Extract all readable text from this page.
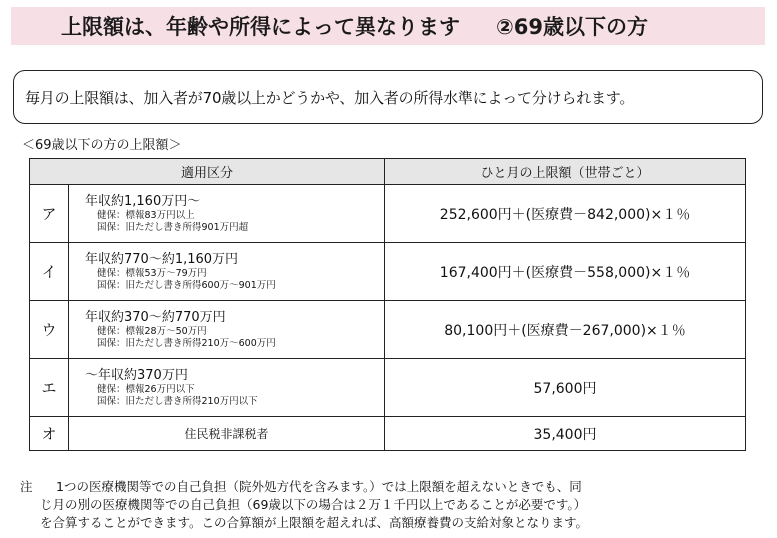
上限額は、年齢や所得によって異なります ②69歳以下の方
毎月の上限額は、加入者が70歳以上かどうかや、加入者の所得水準によって分けられます。
＜69歳以下の方の上限額＞
適用区分		ひと月の上限額（世帯ごと）
ア	年収約1,160万円～
健保：標報83万円以上
国保：旧ただし書き所得901万円超	252,600円＋(医療費－842,000)×１％
イ	年収約770～約1,160万円
健保：標報53万～79万円
国保：旧ただし書き所得600万～901万円	167,400円＋(医療費－558,000)×１％
ウ	年収約370～約770万円
健保：標報28万～50万円
国保：旧ただし書き所得210万～600万円	80,100円＋(医療費－267,000)×１％
エ	～年収約370万円
健保：標報26万円以下
国保：旧ただし書き所得210万円以下	57,600円
オ	住民税非課税者	35,400円
注 1つの医療機関等での自己負担（院外処方代を含みます。）では上限額を超えないときでも、同
じ月の別の医療機関等での自己負担（69歳以下の場合は２万１千円以上であることが必要です。）
を合算することができます。この合算額が上限額を超えれば、高額療養費の支給対象となります。
